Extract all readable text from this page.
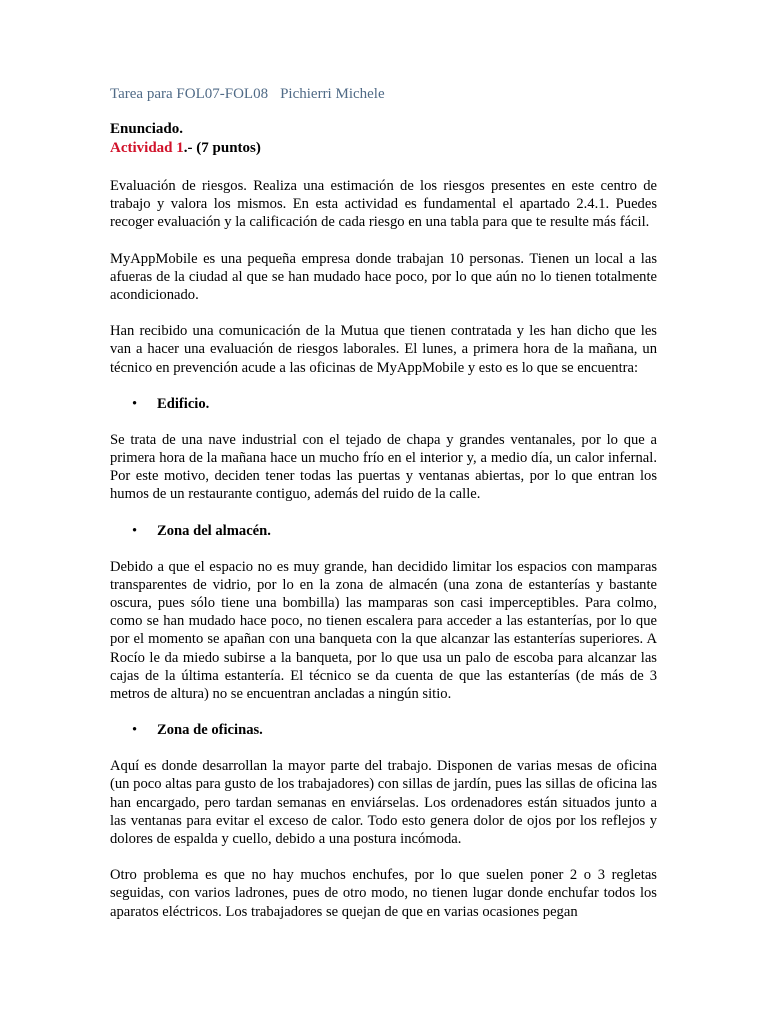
Tarea para FOL07-FOL08 Pichierri Michele
Enunciado.
Actividad 1.- (7 puntos)

Evaluación de riesgos. Realiza una estimación de los riesgos presentes en este centro de trabajo y valora los mismos. En esta actividad es fundamental el apartado 2.4.1. Puedes recoger evaluación y la calificación de cada riesgo en una tabla para que te resulte más fácil.

MyAppMobile es una pequeña empresa donde trabajan 10 personas. Tienen un local a las afueras de la ciudad al que se han mudado hace poco, por lo que aún no lo tienen totalmente acondicionado.

Han recibido una comunicación de la Mutua que tienen contratada y les han dicho que les van a hacer una evaluación de riesgos laborales. El lunes, a primera hora de la mañana, un técnico en prevención acude a las oficinas de MyAppMobile y esto es lo que se encuentra:

• Edificio.

Se trata de una nave industrial con el tejado de chapa y grandes ventanales, por lo que a primera hora de la mañana hace un mucho frío en el interior y, a medio día, un calor infernal. Por este motivo, deciden tener todas las puertas y ventanas abiertas, por lo que entran los humos de un restaurante contiguo, además del ruido de la calle.

• Zona del almacén.

Debido a que el espacio no es muy grande, han decidido limitar los espacios con mamparas transparentes de vidrio, por lo en la zona de almacén (una zona de estanterías y bastante oscura, pues sólo tiene una bombilla) las mamparas son casi imperceptibles. Para colmo, como se han mudado hace poco, no tienen escalera para acceder a las estanterías, por lo que por el momento se apañan con una banqueta con la que alcanzar las estanterías superiores. A Rocío le da miedo subirse a la banqueta, por lo que usa un palo de escoba para alcanzar las cajas de la última estantería. El técnico se da cuenta de que las estanterías (de más de 3 metros de altura) no se encuentran ancladas a ningún sitio.

• Zona de oficinas.

Aquí es donde desarrollan la mayor parte del trabajo. Disponen de varias mesas de oficina (un poco altas para gusto de los trabajadores) con sillas de jardín, pues las sillas de oficina las han encargado, pero tardan semanas en enviárselas. Los ordenadores están situados junto a las ventanas para evitar el exceso de calor. Todo esto genera dolor de ojos por los reflejos y dolores de espalda y cuello, debido a una postura incómoda.

Otro problema es que no hay muchos enchufes, por lo que suelen poner 2 o 3 regletas seguidas, con varios ladrones, pues de otro modo, no tienen lugar donde enchufar todos los aparatos eléctricos. Los trabajadores se quejan de que en varias ocasiones pegan
